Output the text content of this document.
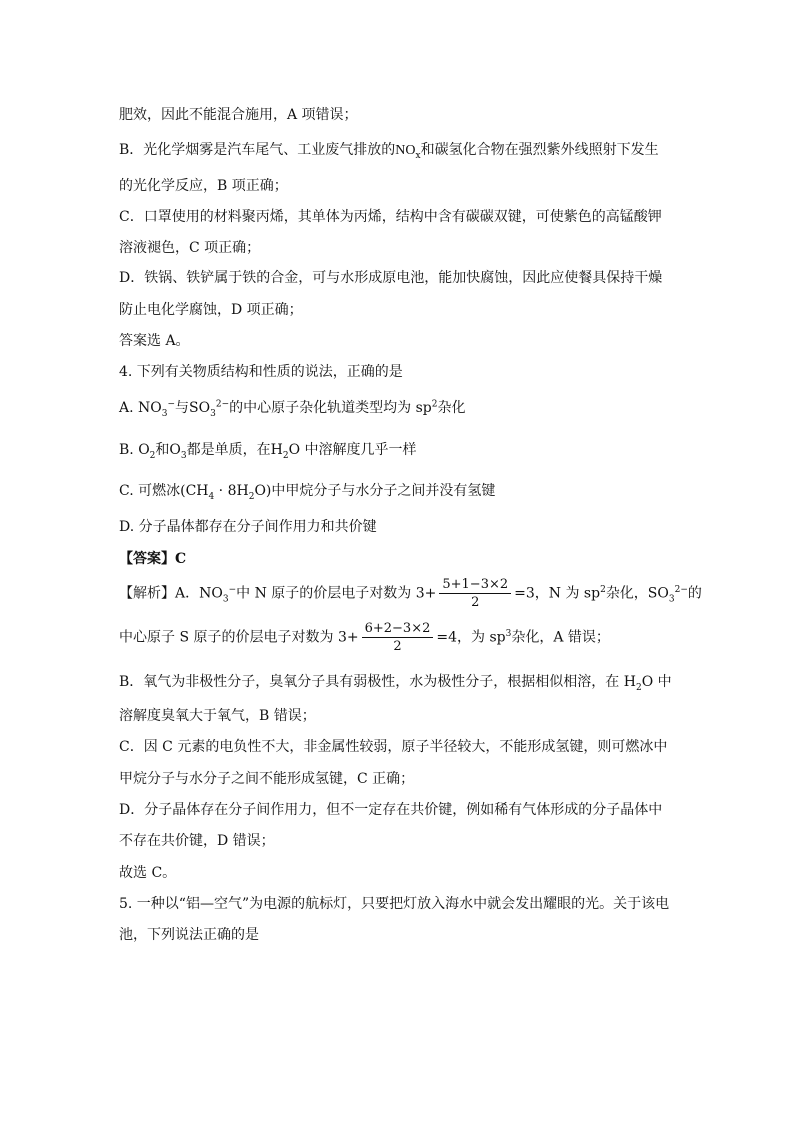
肥效，因此不能混合施用，A 项错误；
B．光化学烟雾是汽车尾气、工业废气排放的$NO_x$和碳氢化合物在强烈紫外线照射下发生
的光化学反应，B 项正确；
C．口罩使用的材料聚丙烯，其单体为丙烯，结构中含有碳碳双键，可使紫色的高锰酸钾
溶液褪色，C 项正确；
D．铁锅、铁铲属于铁的合金，可与水形成原电池，能加快腐蚀，因此应使餐具保持干燥
防止电化学腐蚀，D 项正确；
答案选 A。
4. 下列有关物质结构和性质的说法，正确的是
A. $NO_3^-$与$SO_3^{2-}$的中心原子杂化轨道类型均为 $sp^2$杂化
B. $O_2$和$O_3$都是单质，在$H_2O$ 中溶解度几乎一样
C. 可燃冰$(CH_4 \cdot 8H_2O)$中甲烷分子与水分子之间并没有氢键
D. 分子晶体都存在分子间作用力和共价键
【答案】C
【解析】A．$NO_3^-$中 N 原子的价层电子对数为 $3+ \frac{5+1-3\times 2}{2} =3$，N 为 $sp^2$杂化，$SO_3^{2-}$的
中心原子 S 原子的价层电子对数为 $3+ \frac{6+2-3\times 2}{2} =4$，为 $sp^3$杂化，A 错误；
B．氧气为非极性分子，臭氧分子具有弱极性，水为极性分子，根据相似相溶，在 $H_2O$ 中
溶解度臭氧大于氧气，B 错误；
C．因 C 元素的电负性不大，非金属性较弱，原子半径较大，不能形成氢键，则可燃冰中
甲烷分子与水分子之间不能形成氢键，C 正确；
D．分子晶体存在分子间作用力，但不一定存在共价键，例如稀有气体形成的分子晶体中
不存在共价键，D 错误；
故选 C。
5. 一种以“铝—空气”为电源的航标灯，只要把灯放入海水中就会发出耀眼的光。关于该电
池，下列说法正确的是
